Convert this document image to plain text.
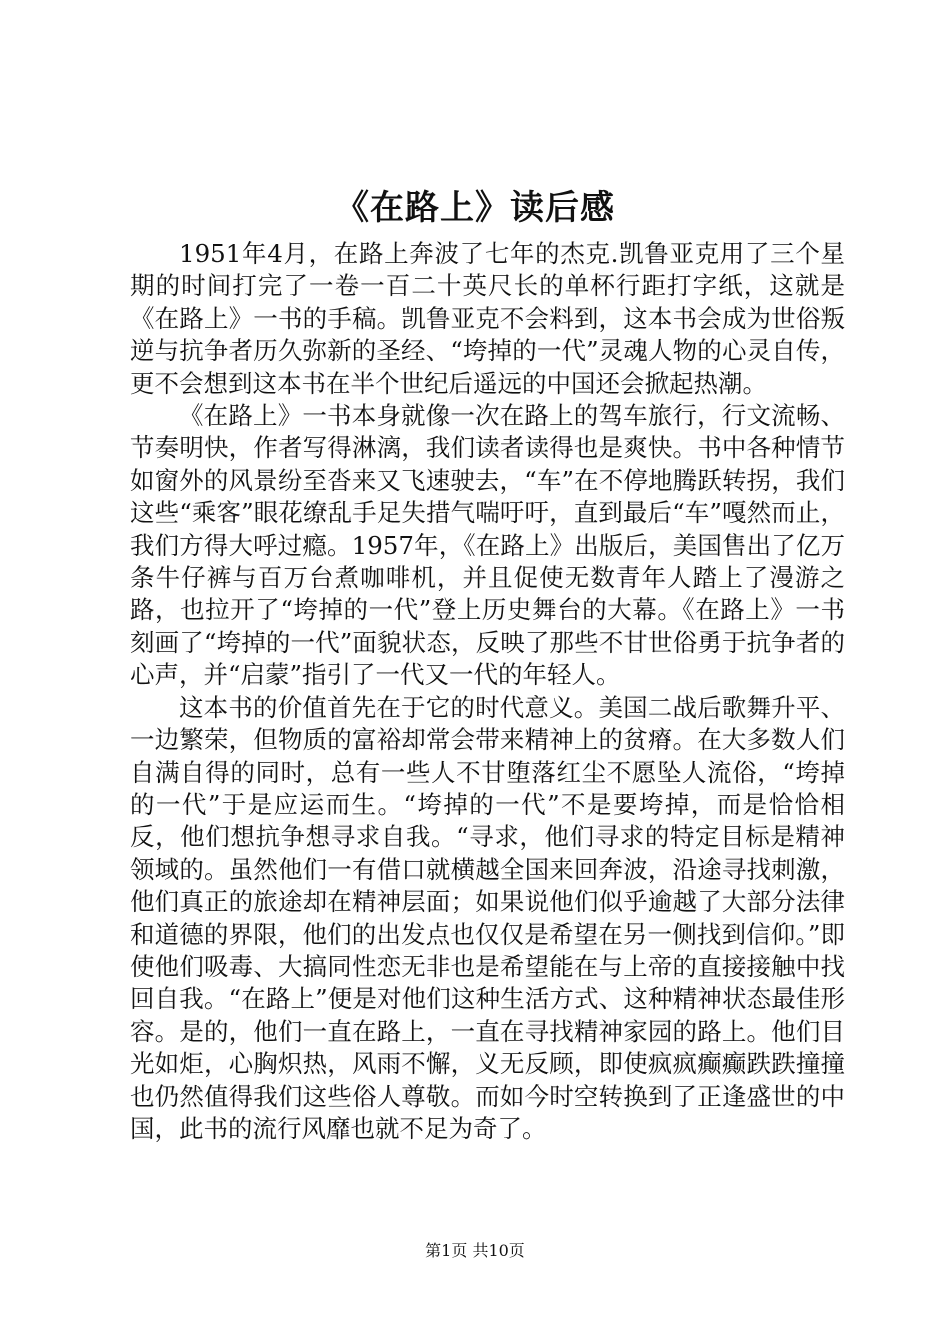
《在路上》读后感

1951年4月，在路上奔波了七年的杰克.凯鲁亚克用了三个星期的时间打完了一卷一百二十英尺长的单杯行距打字纸，这就是《在路上》一书的手稿。凯鲁亚克不会料到，这本书会成为世俗叛逆与抗争者历久弥新的圣经、“垮掉的一代”灵魂人物的心灵自传，更不会想到这本书在半个世纪后遥远的中国还会掀起热潮。

《在路上》一书本身就像一次在路上的驾车旅行，行文流畅、节奏明快，作者写得淋漓，我们读者读得也是爽快。书中各种情节如窗外的风景纷至沓来又飞速驶去，“车”在不停地腾跃转拐，我们这些“乘客”眼花缭乱手足失措气喘吁吁，直到最后“车”嘎然而止，我们方得大呼过瘾。1957年，《在路上》出版后，美国售出了亿万条牛仔裤与百万台煮咖啡机，并且促使无数青年人踏上了漫游之路，也拉开了“垮掉的一代”登上历史舞台的大幕。《在路上》一书刻画了“垮掉的一代”面貌状态，反映了那些不甘世俗勇于抗争者的心声，并“启蒙”指引了一代又一代的年轻人。

这本书的价值首先在于它的时代意义。美国二战后歌舞升平、一边繁荣，但物质的富裕却常会带来精神上的贫瘠。在大多数人们自满自得的同时，总有一些人不甘堕落红尘不愿坠人流俗，“垮掉的一代”于是应运而生。“垮掉的一代”不是要垮掉，而是恰恰相反，他们想抗争想寻求自我。“寻求，他们寻求的特定目标是精神领域的。虽然他们一有借口就横越全国来回奔波，沿途寻找刺激，他们真正的旅途却在精神层面；如果说他们似乎逾越了大部分法律和道德的界限，他们的出发点也仅仅是希望在另一侧找到信仰。”即使他们吸毒、大搞同性恋无非也是希望能在与上帝的直接接触中找回自我。“在路上”便是对他们这种生活方式、这种精神状态最佳形容。是的，他们一直在路上，一直在寻找精神家园的路上。他们目光如炬，心胸炽热，风雨不懈，义无反顾，即使疯疯癫癫跌跌撞撞也仍然值得我们这些俗人尊敬。而如今时空转换到了正逢盛世的中国，此书的流行风靡也就不足为奇了。

第1页 共10页
